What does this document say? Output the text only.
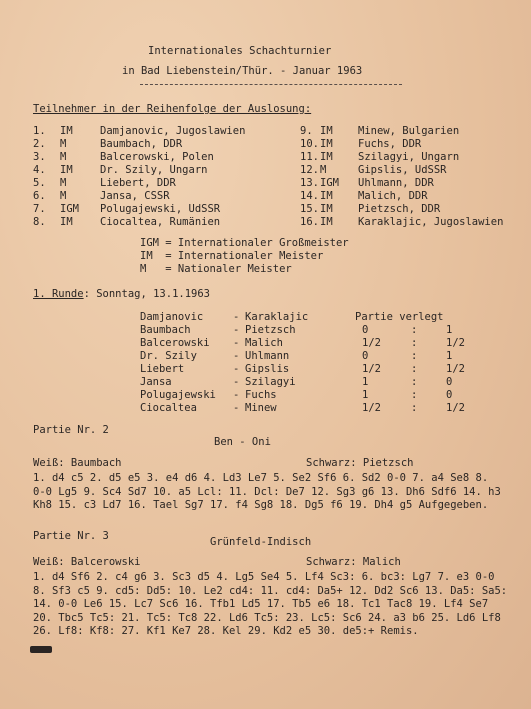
Internationales Schachturnier
in Bad Liebenstein/Thür. - Januar 1963
Teilnehmer in der Reihenfolge der Auslosung:
1. IM	Damjanovic, Jugoslawien
2. M	Baumbach, DDR
3. M	Balcerowski, Polen
4. IM	Dr. Szily, Ungarn
5. M	Liebert, DDR
6. M	Jansa, CSSR
7. IGM Polugajewski, UdSSR
8. IM	Ciocaltea, Rumänien
9. IM Minew, Bulgarien
10. IM Fuchs, DDR
11. IM Szilagyi, Ungarn
12. M	Gipslis, UdSSR
13. IGM Uhlmann, DDR
14. IM Malich, DDR
15. IM Pietzsch, DDR
16. IM Karaklajic, Jugoslawien
IGM = Internationaler Großmeister
IM  = Internationaler Meister
M   = Nationaler Meister
1. Runde: Sonntag, 13.1.1963
Damjanovic	- Karaklajic	Partie verlegt
Baumbach	- Pietzsch	0	:	1
Balcerowski - Malich	1/2	:	1/2
Dr. Szily	- Uhlmann	0	:	1
Liebert	- Gipslis	1/2	:	1/2
Jansa	- Szilagyi	1	:	0
Polugajewski - Fuchs	1	:	0
Ciocaltea	- Minew	1/2	:	1/2
Partie Nr. 2
Ben - Oni
Weiß: Baumbach	Schwarz: Pietzsch
1. d4 c5 2. d5 e5 3. e4 d6 4. Ld3 Le7 5. Se2 Sf6 6. Sd2 0-0 7. a4 Se8 8. 0-0 Lg5 9. Sc4 Sd7 10. a5 Lcl: 11. Dcl: De7 12. Sg3 g6 13. Dh6 Sdf6 14. h3 Kh8 15. c3 Ld7 16. Tael Sg7 17. f4 Sg8 18. Dg5 f6 19. Dh4 g5 Aufgegeben.
Partie Nr. 3	Grünfeld-Indisch
Weiß: Balcerowski	Schwarz: Malich
1. d4 Sf6 2. c4 g6 3. Sc3 d5 4. Lg5 Se4 5. Lf4 Sc3: 6. bc3: Lg7 7. e3 0-0 8. Sf3 c5 9. cd5: Dd5: 10. Le2 cd4: 11. cd4: Da5+ 12. Dd2 Sc6 13. Da5: Sa5: 14. 0-0 Le6 15. Lc7 Sc6 16. Tfb1 Ld5 17. Tb5 e6 18. Tc1 Tac8 19. Lf4 Se7 20. Tbc5 Tc5: 21. Tc5: Tc8 22. Ld6 Tc5: 23. Lc5: Sc6 24. a3 b6 25. Ld6 Lf8 26. Lf8: Kf8: 27. Kf1 Ke7 28. Kel 29. Kd2 e5 30. de5:+ Remis.
